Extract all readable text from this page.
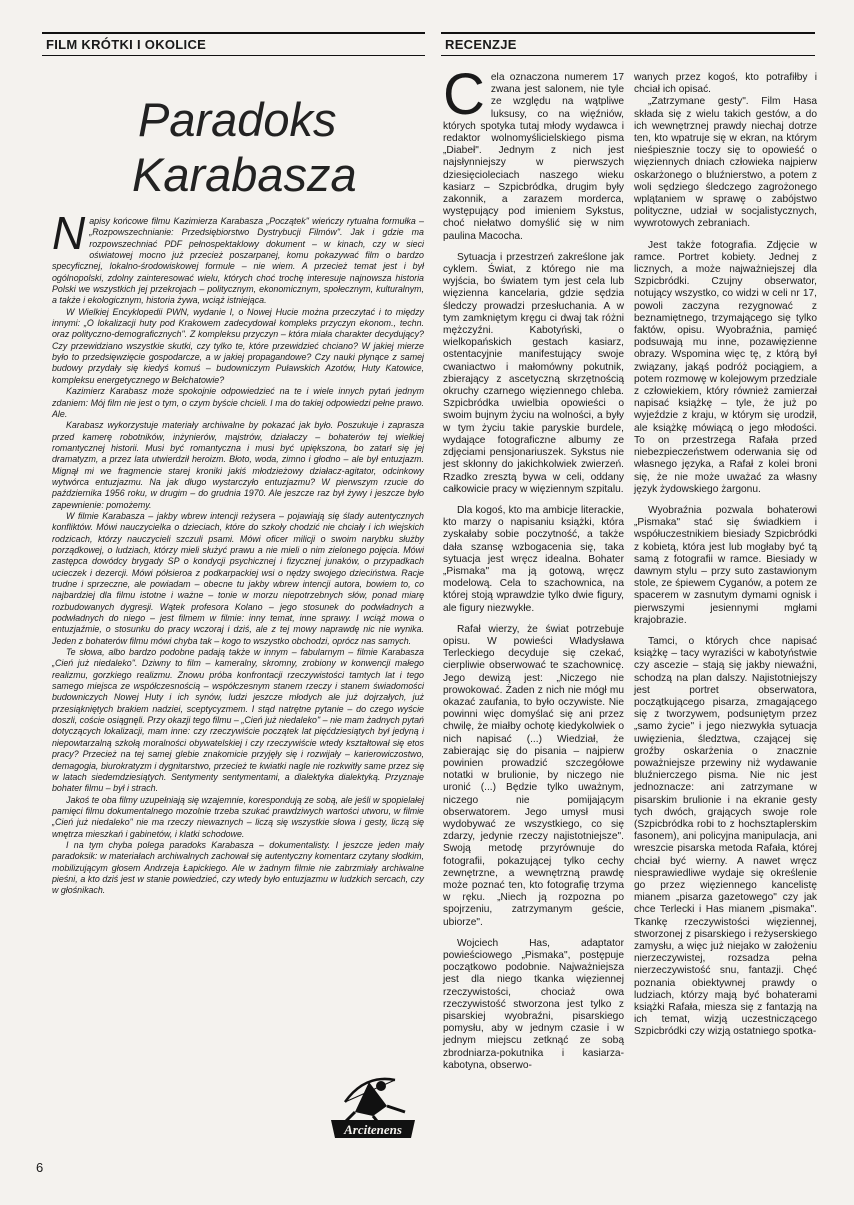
FILM KRÓTKI I OKOLICE	RECENZJE
Paradoks
Karabasza

Napisy końcowe filmu Kazimierza Karabasza „Początek" wieńczy rytualna formułka – „Rozpowszechnianie: Przedsiębiorstwo Dystrybucji Filmów". Jak i gdzie ma rozpowszechniać PDF pełnospektaklowy dokument – w kinach, czy w sieci oświatowej mocno już przecież poszarpanej, komu pokazywać film o bardzo specyficznej, lokalno-środowiskowej formule – nie wiem. A przecież temat jest i był ogólnopolski, zdolny zainteresować wielu, których choć trochę interesuje najnowsza historia Polski we wszystkich jej przekrojach – politycznym, ekonomicznym, społecznym, kulturalnym, a także i ekologicznym, historia żywa, wciąż istniejąca.

W Wielkiej Encyklopedii PWN, wydanie I, o Nowej Hucie można przeczytać i to między innymi: „O lokalizacji huty pod Krakowem zadecydował kompleks przyczyn ekonom., techn. oraz polityczno-demograficznych". Z kompleksu przyczyn – która miała charakter decydujący? Czy przewidziano wszystkie skutki, czy tylko te, które przewidzieć chciano? W jakiej mierze było to przedsięwzięcie gospodarcze, a w jakiej propagandowe? Czy nauki płynące z samej budowy przydały się kiedyś komuś – budowniczym Puławskich Azotów, Huty Katowice, kompleksu energetycznego w Bełchatowie?

Kazimierz Karabasz może spokojnie odpowiedzieć na te i wiele innych pytań jednym zdaniem: Mój film nie jest o tym, o czym byście chcieli. I ma do takiej odpowiedzi pełne prawo. Ale.

Karabasz wykorzystuje materiały archiwalne by pokazać jak było. Poszukuje i zaprasza przed kamerę robotników, inżynierów, majstrów, działaczy – bohaterów tej wielkiej romantycznej historii. Musi być romantyczna i musi być upiększona, bo zatarł się jej dramatyzm, a przez lata utwierdził heroizm. Błoto, woda, zimno i głodno – ale był entuzjazm. Mignął mi we fragmencie starej kroniki jakiś młodzieżowy działacz-agitator, odcinkowy wytwórca entuzjazmu. Na jak długo wystarczyło entuzjazmu? W pierwszym rzucie do października 1956 roku, w drugim – do grudnia 1970. Ale jeszcze raz był żywy i jeszcze było zapewnienie: pomożemy.

W filmie Karabasza – jakby wbrew intencji reżysera – pojawiają się ślady autentycznych konfliktów. Mówi nauczycielka o dzieciach, które do szkoły chodzić nie chciały i ich wiejskich rodzicach, którzy nauczycieli szczuli psami. Mówi oficer milicji o swoim narybku służby porządkowej, o ludziach, którzy mieli służyć prawu a nie mieli o nim zielonego pojęcia. Mówi zastępca dowódcy brygady SP o kondycji psychicznej i fizycznej junaków, o przypadkach ucieczek i dezercji. Mówi półsieroa z podkarpackiej wsi o nędzy swojego dzieciństwa. Racje trudne i sprzeczne, ale powiadam – obecne tu jakby wbrew intencji autora, bowiem to, co najbardziej dla filmu istotne i ważne – tonie w morzu niepotrzebnych słów, ponad miarę rozbudowanych dygresji. Wątek profesora Kolano – jego stosunek do podwładnych a podwładnych do niego – jest filmem w filmie: inny temat, inne sprawy. I wciąż mowa o entuzjaźmie, o stosunku do pracy wczoraj i dziś, ale z tej mowy naprawdę nic nie wynika. Jeden z bohaterów filmu mówi chyba tak – kogo to wszystko obchodzi, oprócz nas samych.

Te słowa, albo bardzo podobne padają także w innym – fabularnym – filmie Karabasza „Cień już niedaleko". Dziwny to film – kameralny, skromny, zrobiony w konwencji małego realizmu, gorzkiego realizmu. Znowu próba konfrontacji rzeczywistości tamtych lat i tego samego miejsca ze współczesnością – współczesnym stanem rzeczy i stanem świadomości budowniczych Nowej Huty i ich synów, ludzi jeszcze młodych ale już dojrzałych, już przesiąkniętych brakiem nadziei, sceptycyzmem. I stąd natrętne pytanie – do czego wyście doszli, coście osiągnęli. Przy okazji tego filmu – „Cień już niedaleko" – nie mam żadnych pytań dotyczących lokalizacji, mam inne: czy rzeczywiście początek lat pięćdziesiątych był jedyną i niepowtarzalną szkołą moralności obywatelskiej i czy rzeczywiście wtedy kształtował się etos pracy? Przecież na tej samej glebie znakomicie przyjęły się i rozwijały – karierowiczostwo, demagogia, biurokratyzm i dygnitarstwo, przecież te kwiatki nagle nie rozkwitły same przez się w latach siedemdziesiątych. Sentymenty sentymentami, a dialektyka dialektyką. Przyznaje bohater filmu – był i strach.

Jakoś te oba filmy uzupełniają się wzajemnie, korespondują ze sobą, ale jeśli w spopielałej pamięci filmu dokumentalnego mozolnie trzeba szukać prawdziwych wartości utworu, w filmie „Cień już niedaleko" nie ma rzeczy niewaznych – liczą się wszystkie słowa i gesty, liczą się wnętrza mieszkań i gabinetów, i klatki schodowe.

I na tym chyba polega paradoks Karabasza – dokumentalisty. I jeszcze jeden mały paradoksik: w materiałach archiwalnych zachował się autentyczny komentarz czytany słodkim, mobilizującym głosem Andrzeja Łapickiego. Ale w żadnym filmie nie zabrzmiały archiwalne pieśni, a kto dziś jest w stanie powiedzieć, czy wtedy było entuzjazmu w ludzkich sercach, czy w głośnikach.

Arcitenens
6

Cela oznaczona numerem 17 zwana jest salonem, nie tyle ze względu na wątpliwe luksusy, co na więźniów, których spotyka tutaj młody wydawca i redaktor wolnomyślicielskiego pisma „Diabeł". Jednym z nich jest najsłynniejszy w pierwszych dziesięcioleciach naszego wieku kasiarz – Szpicbródka, drugim były zakonnik, a zarazem morderca, występujący pod imieniem Sykstus, choć niełatwo domyślić się w nim paulina Macocha.

Sytuacja i przestrzeń zakreślone jak cyklem. Świat, z którego nie ma wyjścia, bo światem tym jest cela lub więzienna kancelaria, gdzie sędzia śledczy prowadzi przesłuchania. A w tym zamkniętym kręgu ci dwaj tak różni mężczyźni. Kabotyński, o wielkopańskich gestach kasiarz, ostentacyjnie manifestujący swoje cwaniactwo i małomówny pokutnik, zbierający z ascetyczną skrzętnością okruchy czarnego więziennego chleba. Szpicbródka uwielbia opowieści o swoim bujnym życiu na wolności, a były w tym życiu takie paryskie burdele, wydające fotograficzne albumy ze zdjęciami pensjonariuszek. Sykstus nie jest skłonny do jakichkolwiek zwierzeń. Rzadko zresztą bywa w celi, oddany całkowicie pracy w więziennym szpitalu.

Dla kogoś, kto ma ambicje literackie, kto marzy o napisaniu książki, która zyskałaby sobie poczytność, a także dała szansę wzbogacenia się, taka sytuacja jest wręcz idealna. Bohater „Pismaka" ma ją gotową, wręcz modelową. Cela to szachownica, na której stoją wprawdzie tylko dwie figury, ale figury niezwykłe.

Rafał wierzy, że świat potrzebuje opisu. W powieści Władysława Terleckiego decyduje się czekać, cierpliwie obserwować te szachownicę. Jego dewizą jest: „Niczego nie prowokować. Żaden z nich nie mógł mu okazać zaufania, to było oczywiste. Nie powinni więc domyślać się ani przez chwilę, że miałby ochotę kiedykolwiek o nich napisać (...) Wiedział, że zabierając się do pisania – najpierw powinien prowadzić szczegółowe notatki w brulionie, by niczego nie uronić (...) Będzie tylko uważnym, niczego nie pomijającym obserwatorem. Jego umysł musi wydobywać ze wszystkiego, co się zdarzy, jedynie rzeczy najistotniejsze". Swoją metodę przyrównuje do fotografii, pokazującej tylko cechy zewnętrzne, a wewnętrzną prawdę może poznać ten, kto fotografię trzyma w ręku. „Niech ją rozpozna po spojrzeniu, zatrzymanym geście, ubiorze".

Wojciech Has, adaptator powieściowego „Pismaka", postępuje początkowo podobnie. Najważniejsza jest dla niego tkanka więziennej rzeczywistości, chociaż owa rzeczywistość stworzona jest tylko z pisarskiej wyobraźni, pisarskiego pomysłu, aby w jednym czasie i w jednym miejscu zetknąć ze sobą zbrodniarza-pokutnika i kasiarza-kabotyna, obserwo-

wanych przez kogoś, kto potrafiłby i chciał ich opisać.

„Zatrzymane gesty". Film Hasa składa się z wielu takich gestów, a do ich wewnętrznej prawdy niechaj dotrze ten, kto wpatruje się w ekran, na którym nieśpiesznie toczy się to opowieść o więziennych dniach człowieka najpierw oskarżonego o bluźnierstwo, a potem z woli sędziego śledczego zagrożonego wplątaniem w sprawę o zabójstwo polityczne, udział w socjalistycznych, wywrotowych zebraniach.

Jest także fotografia. Zdjęcie w ramce. Portret kobiety. Jednej z licznych, a może najważniejszej dla Szpicbródki. Czujny obserwator, notujący wszystko, co widzi w celi nr 17, powoli zaczyna rezygnować z beznamiętnego, trzymającego się tylko faktów, opisu. Wyobraźnia, pamięć podsuwają mu inne, pozawięzienne obrazy. Wspomina więc tę, z którą był związany, jakąś podróż pociągiem, a potem rozmowę w kolejowym przedziale z człowiekiem, który również zamierzał napisać książkę – tyle, że już po wyjeździe z kraju, w którym się urodził, ale książkę mówiącą o jego młodości. To on przestrzega Rafała przed niebezpieczeństwem oderwania się od własnego języka, a Rafał z kolei broni się, że nie może uważać za własny język żydowskiego żargonu.

Wyobraźnia pozwala bohaterowi „Pismaka" stać się świadkiem i współuczestnikiem biesiady Szpicbródki z kobietą, która jest lub mogłaby być tą samą z fotografii w ramce. Biesiady w dawnym stylu – przy suto zastawionym stole, ze śpiewem Cyganów, a potem ze spacerem w zasnutym dymami ognisk i pierwszymi jesiennymi mgłami krajobrazie.

Tamci, o których chce napisać książkę – tacy wyraziści w kabotyństwie czy ascezie – stają się jakby niewaźni, schodzą na plan dalszy. Najistotniejszy jest portret obserwatora, początkującego pisarza, zmagającego się z tworzywem, podsuniętym przez „samo życie" i jego niezwykła sytuacja uwięzienia, śledztwa, czającej się groźby oskarżenia o znacznie poważniejsze przewiny niż wydawanie bluźnierczego pisma. Nie nic jest jednoznacze: ani zatrzymane w pisarskim brulionie i na ekranie gesty tych dwóch, grających swoje role (Szpicbródka robi to z hochsztaplerskim fasonem), ani policyjna manipulacja, ani wreszcie pisarska metoda Rafała, której chciał być wierny. A nawet wręcz niesprawiedliwe wydaje się określenie go przez więziennego kancelistę mianem „pisarza gazetowego" czy jak chce Terlecki i Has mianem „pismaka". Tkankę rzeczywistości więziennej, stworzonej z pisarskiego i reżyserskiego zamysłu, a więc już niejako w założeniu nierzeczywistej, rozsadza pełna nierzeczywistość snu, fantazji. Chęć poznania obiektywnej prawdy o ludziach, którzy mają być bohaterami książki Rafała, miesza się z fantazją na ich temat, wizją uczestniczącego Szpicbródki czy wizją ostatniego spotka-
